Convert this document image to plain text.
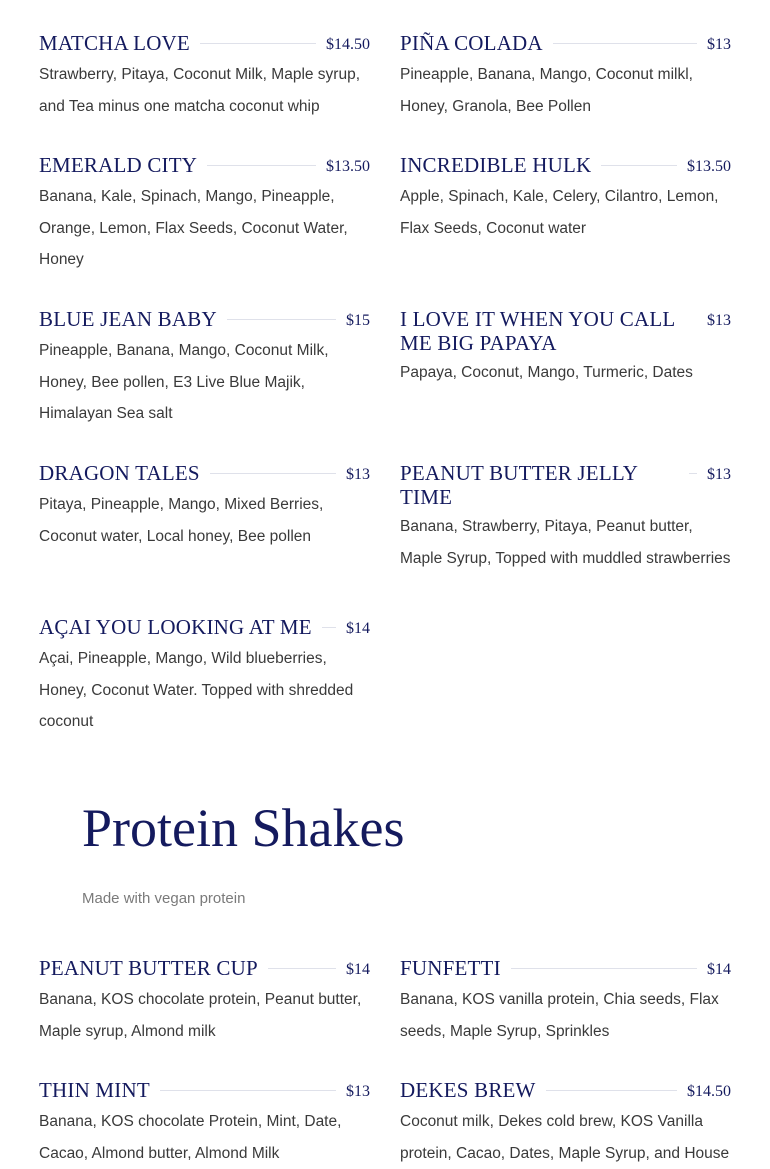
MATCHA LOVE	$14.50
Strawberry, Pitaya, Coconut Milk, Maple syrup, and Tea minus one matcha coconut whip
PIÑA COLADA	$13
Pineapple, Banana, Mango, Coconut milkl, Honey, Granola, Bee Pollen
EMERALD CITY	$13.50
Banana, Kale, Spinach, Mango, Pineapple, Orange, Lemon, Flax Seeds, Coconut Water, Honey
INCREDIBLE HULK	$13.50
Apple, Spinach, Kale, Celery, Cilantro, Lemon, Flax Seeds, Coconut water
BLUE JEAN BABY	$15
Pineapple, Banana, Mango, Coconut Milk, Honey, Bee pollen, E3 Live Blue Majik, Himalayan Sea salt
I LOVE IT WHEN YOU CALL ME BIG PAPAYA
$13
Papaya, Coconut, Mango, Turmeric, Dates
DRAGON TALES	$13
Pitaya, Pineapple, Mango, Mixed Berries, Coconut water, Local honey, Bee pollen
PEANUT BUTTER JELLY TIME
$13
Banana, Strawberry, Pitaya, Peanut butter, Maple Syrup, Topped with muddled strawberries
AÇAI YOU LOOKING AT ME $14
Açai, Pineapple, Mango, Wild blueberries, Honey, Coconut Water. Topped with shredded coconut
Protein Shakes
Made with vegan protein
PEANUT BUTTER CUP	$14
Banana, KOS chocolate protein, Peanut butter, Maple syrup, Almond milk
FUNFETTI	$14
Banana, KOS vanilla protein, Chia seeds, Flax seeds, Maple Syrup, Sprinkles
THIN MINT	$13
Banana, KOS chocolate Protein, Mint, Date, Cacao, Almond butter, Almond Milk
DEKES BREW	$14.50
Coconut milk, Dekes cold brew, KOS Vanilla protein, Cacao, Dates, Maple Syrup, and House
